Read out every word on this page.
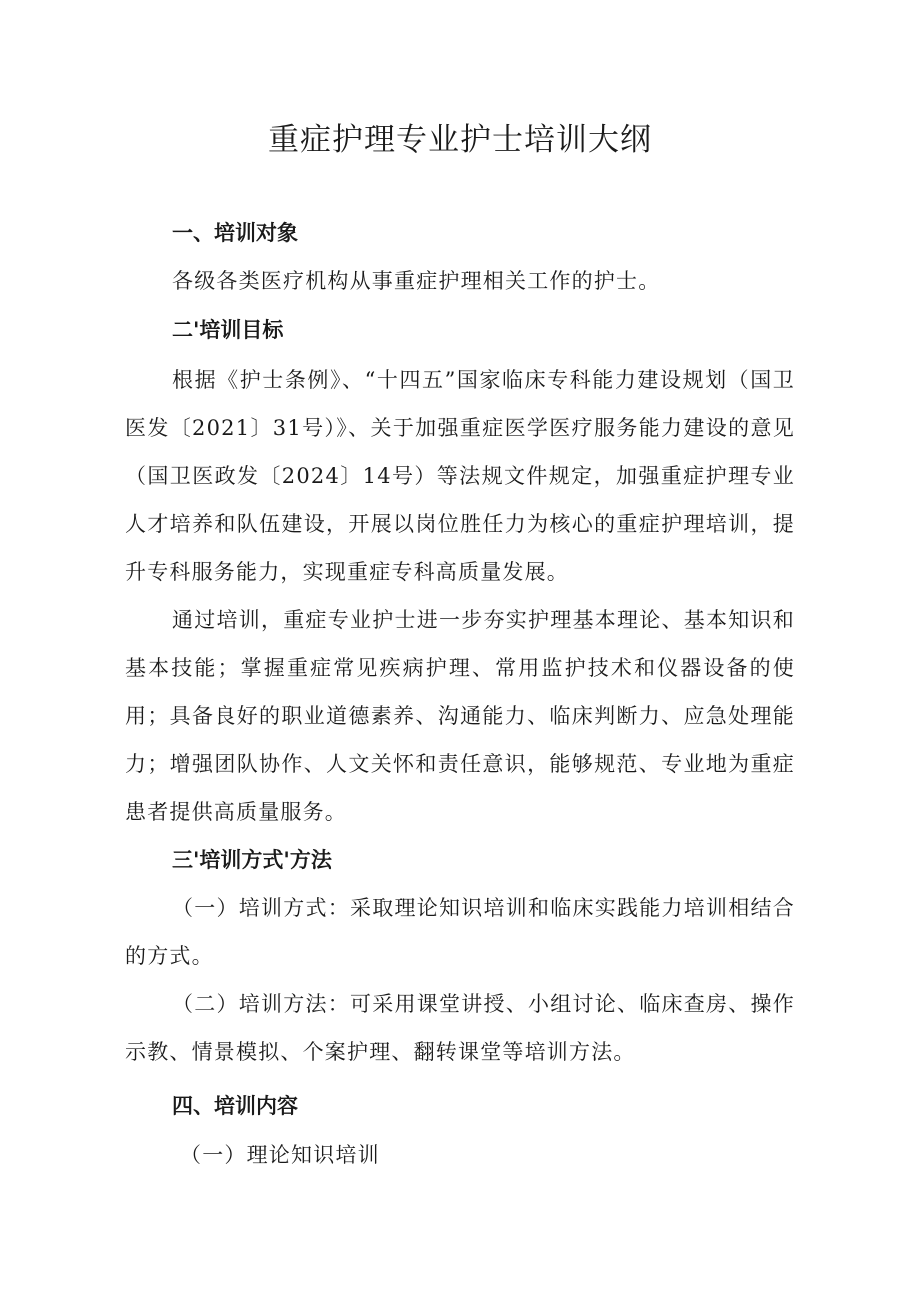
重症护理专业护士培训大纲
一、培训对象
各级各类医疗机构从事重症护理相关工作的护士。
二'培训目标

根据《护士条例》、“十四五”国家临床专科能力建设规划（国卫医发〔2021〕31号）》、关于加强重症医学医疗服务能力建设的意见（国卫医政发〔2024〕14号）等法规文件规定，加强重症护理专业人才培养和队伍建设，开展以岗位胜任力为核心的重症护理培训，提升专科服务能力，实现重症专科高质量发展。

通过培训，重症专业护士进一步夯实护理基本理论、基本知识和基本技能；掌握重症常见疾病护理、常用监护技术和仪器设备的使用；具备良好的职业道德素养、沟通能力、临床判断力、应急处理能力；增强团队协作、人文关怀和责任意识，能够规范、专业地为重症患者提供高质量服务。

三'培训方式'方法

（一）培训方式：采取理论知识培训和临床实践能力培训相结合的方式。

（二）培训方法：可采用课堂讲授、小组讨论、临床查房、操作示教、情景模拟、个案护理、翻转课堂等培训方法。

四、培训内容
（一）理论知识培训
